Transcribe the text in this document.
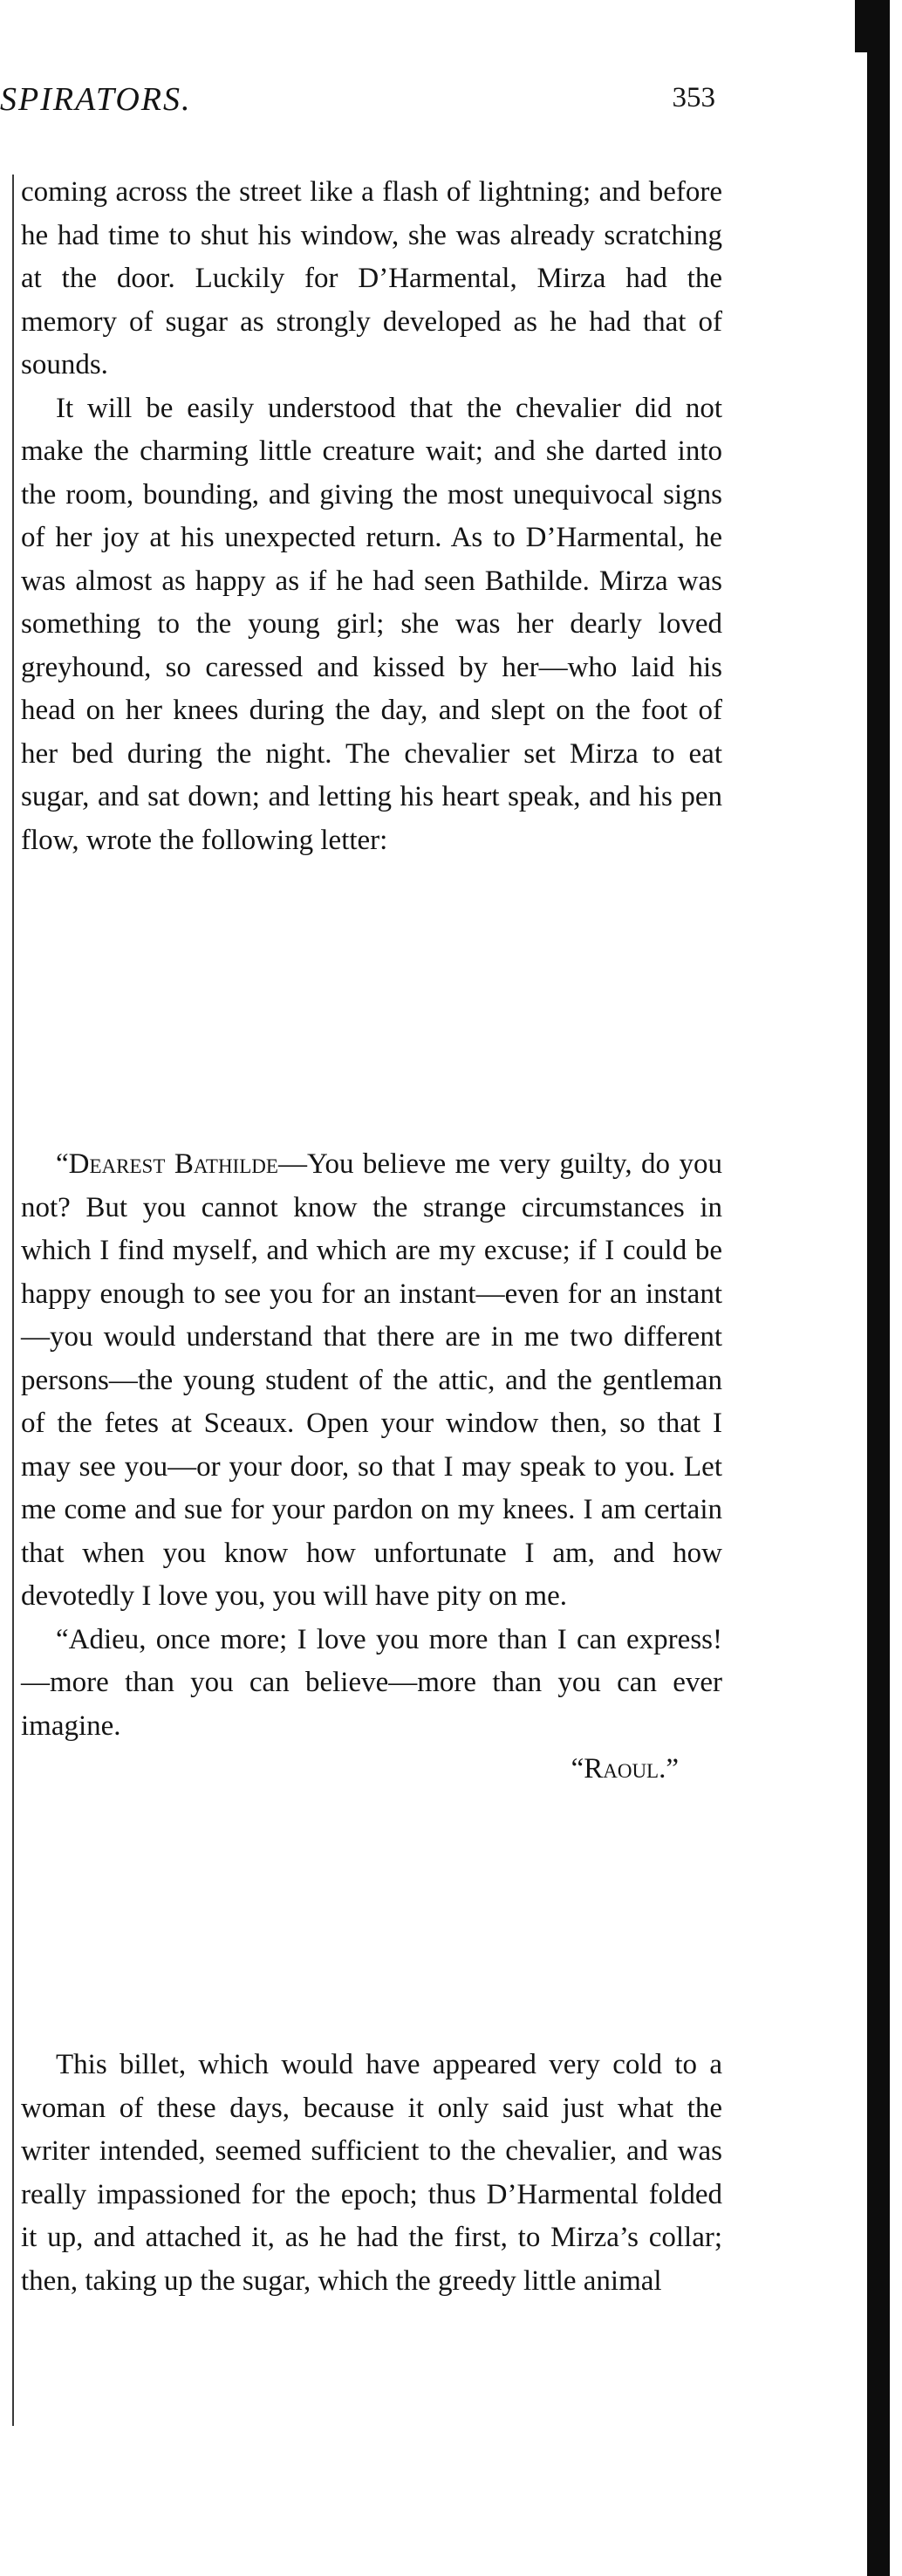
SPIRATORS.	353

coming across the street like a flash of lightning; and before he had time to shut his window, she was already scratching at the door. Luckily for D’Harmental, Mirza had the memory of sugar as strongly developed as he had that of sounds.

It will be easily understood that the chevalier did not make the charming little creature wait; and she darted into the room, bounding, and giving the most unequivocal signs of her joy at his unexpected return. As to D’Harmental, he was almost as happy as if he had seen Bathilde. Mirza was something to the young girl; she was her dearly loved greyhound, so caressed and kissed by her—who laid his head on her knees during the day, and slept on the foot of her bed during the night. The chevalier set Mirza to eat sugar, and sat down; and letting his heart speak, and his pen flow, wrote the following letter:

“Dearest Bathilde—You believe me very guilty, do you not? But you cannot know the strange circumstances in which I find myself, and which are my excuse; if I could be happy enough to see you for an instant—even for an instant—you would understand that there are in me two different persons—the young student of the attic, and the gentleman of the fetes at Sceaux. Open your window then, so that I may see you—or your door, so that I may speak to you. Let me come and sue for your pardon on my knees. I am certain that when you know how unfortunate I am, and how devotedly I love you, you will have pity on me.

“Adieu, once more; I love you more than I can express!—more than you can believe—more than you can ever imagine.

“Raoul.”

This billet, which would have appeared very cold to a woman of these days, because it only said just what the writer intended, seemed sufficient to the chevalier, and was really impassioned for the epoch; thus D’Harmental folded it up, and attached it, as he had the first, to Mirza’s collar; then, taking up the sugar, which the greedy little animal
